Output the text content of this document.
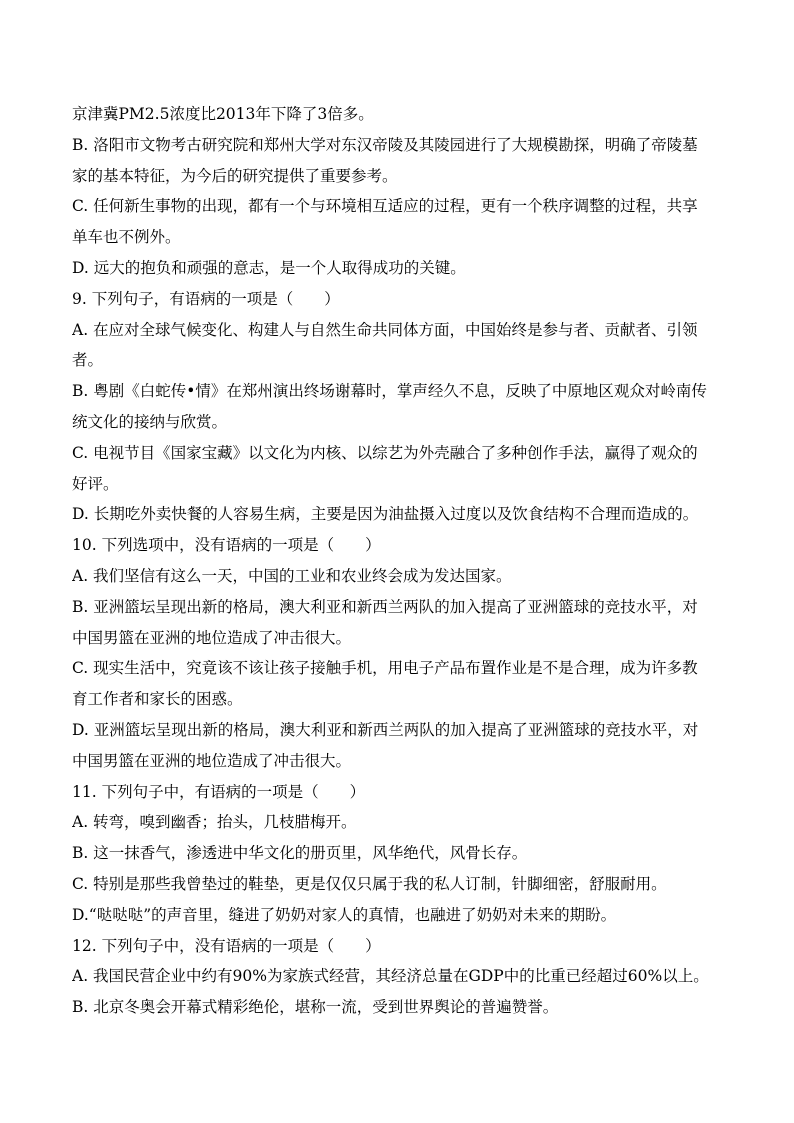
京津冀PM2.5浓度比2013年下降了3倍多。
B. 洛阳市文物考古研究院和郑州大学对东汉帝陵及其陵园进行了大规模勘探，明确了帝陵墓
家的基本特征，为今后的研究提供了重要参考。
C. 任何新生事物的出现，都有一个与环境相互适应的过程，更有一个秩序调整的过程，共享
单车也不例外。
D. 远大的抱负和顽强的意志，是一个人取得成功的关键。
9. 下列句子，有语病的一项是（　　）
A. 在应对全球气候变化、构建人与自然生命共同体方面，中国始终是参与者、贡献者、引领
者。
B. 粤剧《白蛇传•情》在郑州演出终场谢幕时，掌声经久不息，反映了中原地区观众对岭南传
统文化的接纳与欣赏。
C. 电视节目《国家宝藏》以文化为内核、以综艺为外壳融合了多种创作手法，赢得了观众的
好评。
D. 长期吃外卖快餐的人容易生病，主要是因为油盐摄入过度以及饮食结构不合理而造成的。
10. 下列选项中，没有语病的一项是（　　）
A. 我们坚信有这么一天，中国的工业和农业终会成为发达国家。
B. 亚洲篮坛呈现出新的格局，澳大利亚和新西兰两队的加入提高了亚洲篮球的竞技水平，对
中国男篮在亚洲的地位造成了冲击很大。
C. 现实生活中，究竟该不该让孩子接触手机，用电子产品布置作业是不是合理，成为许多教
育工作者和家长的困惑。
D. 亚洲篮坛呈现出新的格局，澳大利亚和新西兰两队的加入提高了亚洲篮球的竞技水平，对
中国男篮在亚洲的地位造成了冲击很大。
11. 下列句子中，有语病的一项是（　　）
A. 转弯，嗅到幽香；抬头，几枝腊梅开。
B. 这一抹香气，渗透进中华文化的册页里，风华绝代，风骨长存。
C. 特别是那些我曾垫过的鞋垫，更是仅仅只属于我的私人订制，针脚细密，舒服耐用。
D.“哒哒哒”的声音里，缝进了奶奶对家人的真情，也融进了奶奶对未来的期盼。
12. 下列句子中，没有语病的一项是（　　）
A. 我国民营企业中约有90%为家族式经营，其经济总量在GDP中的比重已经超过60%以上。
B. 北京冬奥会开幕式精彩绝伦，堪称一流，受到世界舆论的普遍赞誉。
